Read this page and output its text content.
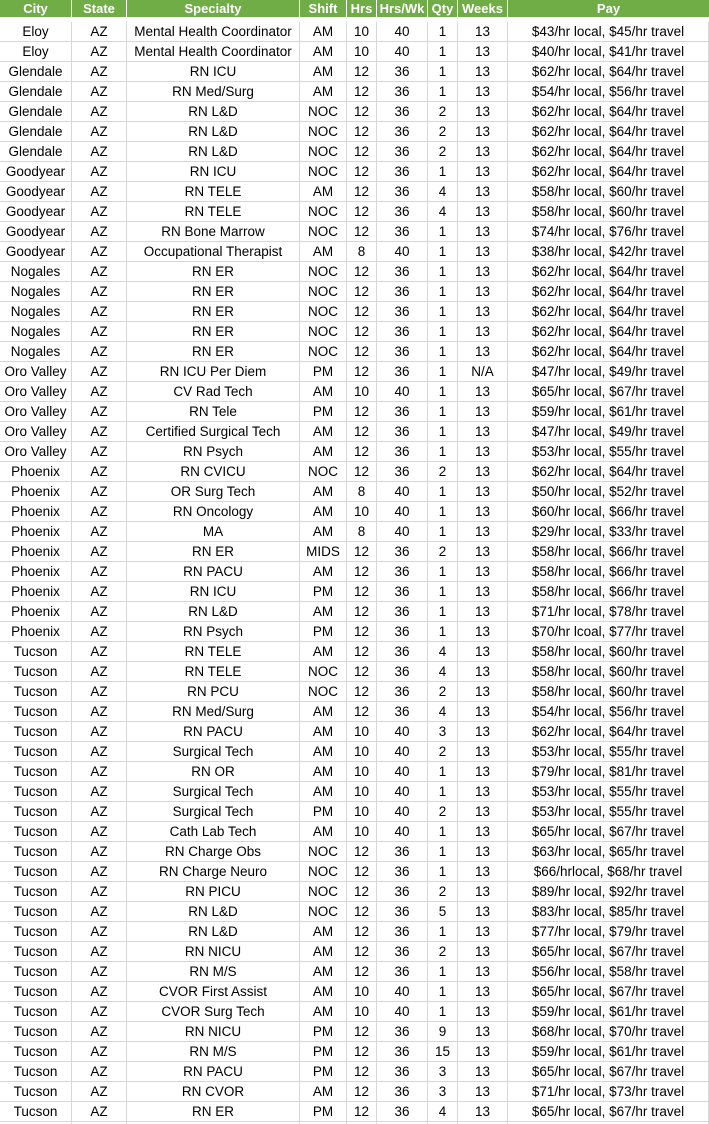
City	State	Specialty	Shift	Hrs	Hrs/Wk	Qty	Weeks	Pay

Eloy	AZ	Mental Health Coordinator	AM	10	40	1	13	$43/hr local, $45/hr travel
Eloy	AZ	Mental Health Coordinator	AM	10	40	1	13	$40/hr local, $41/hr travel
Glendale	AZ	RN ICU	AM	12	36	1	13	$62/hr local, $64/hr travel
Glendale	AZ	RN Med/Surg	AM	12	36	1	13	$54/hr local, $56/hr travel
Glendale	AZ	RN L&D	NOC	12	36	2	13	$62/hr local, $64/hr travel
Glendale	AZ	RN L&D	NOC	12	36	2	13	$62/hr local, $64/hr travel
Glendale	AZ	RN L&D	NOC	12	36	2	13	$62/hr local, $64/hr travel
Goodyear	AZ	RN ICU	NOC	12	36	1	13	$62/hr local, $64/hr travel
Goodyear	AZ	RN TELE	AM	12	36	4	13	$58/hr local, $60/hr travel
Goodyear	AZ	RN TELE	NOC	12	36	4	13	$58/hr local, $60/hr travel
Goodyear	AZ	RN Bone Marrow	NOC	12	36	1	13	$74/hr local, $76/hr travel
Goodyear	AZ	Occupational Therapist	AM	8	40	1	13	$38/hr local, $42/hr travel
Nogales	AZ	RN ER	NOC	12	36	1	13	$62/hr local, $64/hr travel
Nogales	AZ	RN ER	NOC	12	36	1	13	$62/hr local, $64/hr travel
Nogales	AZ	RN ER	NOC	12	36	1	13	$62/hr local, $64/hr travel
Nogales	AZ	RN ER	NOC	12	36	1	13	$62/hr local, $64/hr travel
Nogales	AZ	RN ER	NOC	12	36	1	13	$62/hr local, $64/hr travel
Oro Valley	AZ	RN ICU Per Diem	PM	12	36	1	N/A	$47/hr local, $49/hr travel
Oro Valley	AZ	CV Rad Tech	AM	10	40	1	13	$65/hr local, $67/hr travel
Oro Valley	AZ	RN Tele	PM	12	36	1	13	$59/hr local, $61/hr travel
Oro Valley	AZ	Certified Surgical Tech	AM	12	36	1	13	$47/hr local, $49/hr travel
Oro Valley	AZ	RN Psych	AM	12	36	1	13	$53/hr local, $55/hr travel
Phoenix	AZ	RN CVICU	NOC	12	36	2	13	$62/hr local, $64/hr travel
Phoenix	AZ	OR Surg Tech	AM	8	40	1	13	$50/hr local, $52/hr travel
Phoenix	AZ	RN Oncology	AM	10	40	1	13	$60/hr local, $66/hr travel
Phoenix	AZ	MA	AM	8	40	1	13	$29/hr local, $33/hr travel
Phoenix	AZ	RN ER	MIDS	12	36	2	13	$58/hr local, $66/hr travel
Phoenix	AZ	RN PACU	AM	12	36	1	13	$58/hr local, $66/hr travel
Phoenix	AZ	RN ICU	PM	12	36	1	13	$58/hr local, $66/hr travel
Phoenix	AZ	RN L&D	AM	12	36	1	13	$71/hr local, $78/hr travel
Phoenix	AZ	RN Psych	PM	12	36	1	13	$70/hr lcoal, $77/hr travel
Tucson	AZ	RN TELE	AM	12	36	4	13	$58/hr local, $60/hr travel
Tucson	AZ	RN TELE	NOC	12	36	4	13	$58/hr local, $60/hr travel
Tucson	AZ	RN PCU	NOC	12	36	2	13	$58/hr local, $60/hr travel
Tucson	AZ	RN Med/Surg	AM	12	36	4	13	$54/hr local, $56/hr travel
Tucson	AZ	RN PACU	AM	10	40	3	13	$62/hr local, $64/hr travel
Tucson	AZ	Surgical Tech	AM	10	40	2	13	$53/hr local, $55/hr travel
Tucson	AZ	RN OR	AM	10	40	1	13	$79/hr local, $81/hr travel
Tucson	AZ	Surgical Tech	AM	10	40	1	13	$53/hr local, $55/hr travel
Tucson	AZ	Surgical Tech	PM	10	40	2	13	$53/hr local, $55/hr travel
Tucson	AZ	Cath Lab Tech	AM	10	40	1	13	$65/hr local, $67/hr travel
Tucson	AZ	RN Charge Obs	NOC	12	36	1	13	$63/hr local, $65/hr travel
Tucson	AZ	RN Charge Neuro	NOC	12	36	1	13	$66/hrlocal, $68/hr travel
Tucson	AZ	RN PICU	NOC	12	36	2	13	$89/hr local, $92/hr travel
Tucson	AZ	RN L&D	NOC	12	36	5	13	$83/hr local, $85/hr travel
Tucson	AZ	RN L&D	AM	12	36	1	13	$77/hr local, $79/hr travel
Tucson	AZ	RN NICU	AM	12	36	2	13	$65/hr local, $67/hr travel
Tucson	AZ	RN M/S	AM	12	36	1	13	$56/hr local, $58/hr travel
Tucson	AZ	CVOR First Assist	AM	10	40	1	13	$65/hr local, $67/hr travel
Tucson	AZ	CVOR Surg Tech	AM	10	40	1	13	$59/hr local, $61/hr travel
Tucson	AZ	RN NICU	PM	12	36	9	13	$68/hr local, $70/hr travel
Tucson	AZ	RN M/S	PM	12	36	15	13	$59/hr local, $61/hr travel
Tucson	AZ	RN PACU	PM	12	36	3	13	$65/hr local, $67/hr travel
Tucson	AZ	RN CVOR	AM	12	36	3	13	$71/hr local, $73/hr travel
Tucson	AZ	RN ER	PM	12	36	4	13	$65/hr local, $67/hr travel
